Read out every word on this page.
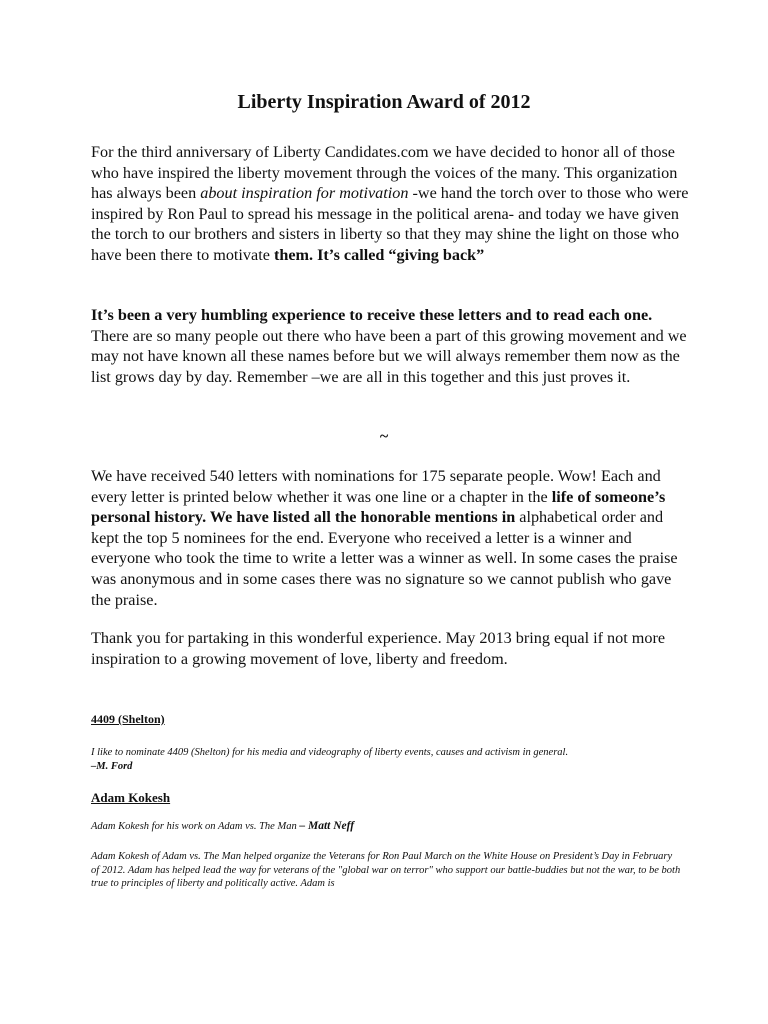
Liberty Inspiration Award of 2012

For the third anniversary of Liberty Candidates.com we have decided to honor all of those who have inspired the liberty movement through the voices of the many. This organization has always been about inspiration for motivation -we hand the torch over to those who were inspired by Ron Paul to spread his message in the political arena- and today we have given the torch to our brothers and sisters in liberty so that they may shine the light on those who have been there to motivate them. It’s called “giving back”

It’s been a very humbling experience to receive these letters and to read each one. There are so many people out there who have been a part of this growing movement and we may not have known all these names before but we will always remember them now as the list grows day by day. Remember –we are all in this together and this just proves it.

~

We have received 540 letters with nominations for 175 separate people. Wow! Each and every letter is printed below whether it was one line or a chapter in the life of someone’s personal history. We have listed all the honorable mentions in alphabetical order and kept the top 5 nominees for the end. Everyone who received a letter is a winner and everyone who took the time to write a letter was a winner as well. In some cases the praise was anonymous and in some cases there was no signature so we cannot publish who gave the praise.

Thank you for partaking in this wonderful experience. May 2013 bring equal if not more inspiration to a growing movement of love, liberty and freedom.

4409 (Shelton)

I like to nominate 4409 (Shelton) for his media and videography of liberty events, causes and activism in general.
–M. Ford

Adam Kokesh

Adam Kokesh for his work on Adam vs. The Man – Matt Neff

Adam Kokesh of Adam vs. The Man helped organize the Veterans for Ron Paul March on the White House on President’s Day in February of 2012. Adam has helped lead the way for veterans of the "global war on terror" who support our battle-buddies but not the war, to be both true to principles of liberty and politically active. Adam is
